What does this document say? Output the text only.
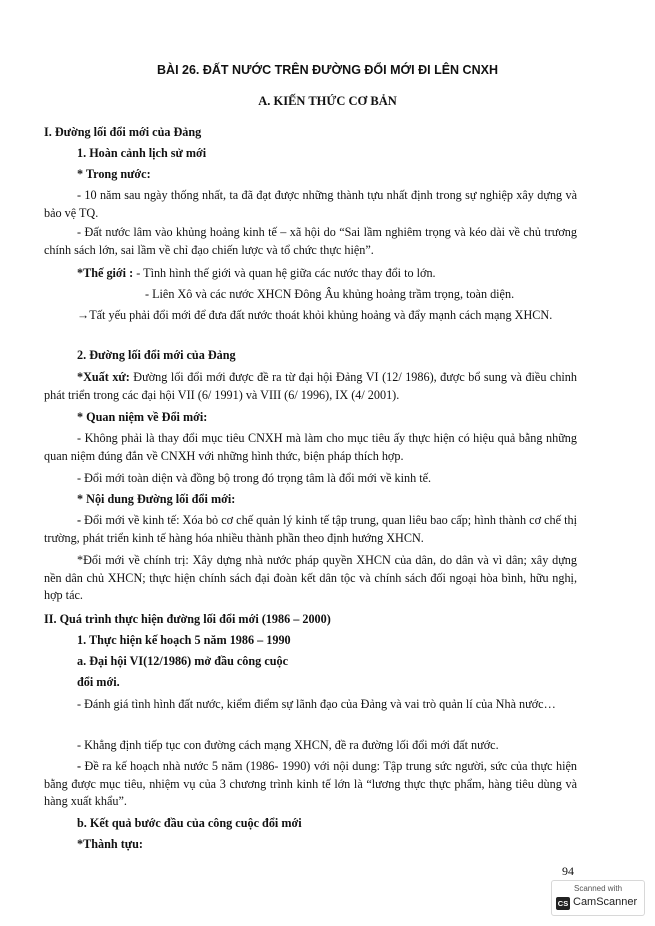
BÀI 26. ĐẤT NƯỚC TRÊN ĐƯỜNG ĐỔI MỚI ĐI LÊN CNXH
A. KIẾN THỨC CƠ BẢN
I. Đường lối đổi mới của Đảng
1. Hoàn cảnh lịch sử mới
* Trong nước:
- 10 năm sau ngày thống nhất, ta đã đạt được những thành tựu nhất định trong sự nghiệp xây dựng và bảo vệ TQ.
- Đất nước lâm vào khủng hoảng kinh tế – xã hội do “Sai lầm nghiêm trọng và kéo dài về chủ trương chính sách lớn, sai lầm về chỉ đạo chiến lược và tổ chức thực hiện”.
*Thế giới : - Tình hình thế giới và quan hệ giữa các nước thay đổi to lớn.
- Liên Xô và các nước XHCN Đông Âu khủng hoảng trầm trọng, toàn diện.
→Tất yếu phải đổi mới để đưa đất nước thoát khỏi khủng hoảng và đẩy mạnh cách mạng XHCN.
2. Đường lối đổi mới của Đảng
*Xuất xứ: Đường lối đổi mới được đề ra từ đại hội Đảng VI (12/ 1986), được bổ sung và điều chỉnh phát triển trong các đại hội VII (6/ 1991) và VIII (6/ 1996), IX (4/ 2001).
* Quan niệm về Đổi mới:
- Không phải là thay đổi mục tiêu CNXH mà làm cho mục tiêu ấy thực hiện có hiệu quả bằng những quan niệm đúng đắn về CNXH với những hình thức, biện pháp thích hợp.
- Đổi mới toàn diện và đồng bộ trong đó trọng tâm là đổi mới về kinh tế.
* Nội dung Đường lối đổi mới:
- Đổi mới về kinh tế: Xóa bỏ cơ chế quản lý kinh tế tập trung, quan liêu bao cấp; hình thành cơ chế thị trường, phát triển kinh tế hàng hóa nhiều thành phần theo định hướng XHCN.
*Đổi mới về chính trị: Xây dựng nhà nước pháp quyền XHCN của dân, do dân và vì dân; xây dựng nền dân chủ XHCN; thực hiện chính sách đại đoàn kết dân tộc và chính sách đối ngoại hòa bình, hữu nghị, hợp tác.
II. Quá trình thực hiện đường lối đổi mới (1986 – 2000)
1. Thực hiện kế hoạch 5 năm 1986 – 1990
a. Đại hội VI(12/1986) mở đầu công cuộc
đổi mới.
- Đánh giá tình hình đất nước, kiểm điểm sự lãnh đạo của Đảng và vai trò quản lí của Nhà nước…
- Khẳng định tiếp tục con đường cách mạng XHCN, đề ra đường lối đổi mới đất nước.
- Đề ra kế hoạch nhà nước 5 năm (1986- 1990) với nội dung: Tập trung sức người, sức của thực hiện bằng được mục tiêu, nhiệm vụ của 3 chương trình kinh tế lớn là “lương thực thực phẩm, hàng tiêu dùng và hàng xuất khẩu”.
b. Kết quả bước đầu của công cuộc đổi mới
*Thành tựu:
94
Scanned with
CS CamScanner
